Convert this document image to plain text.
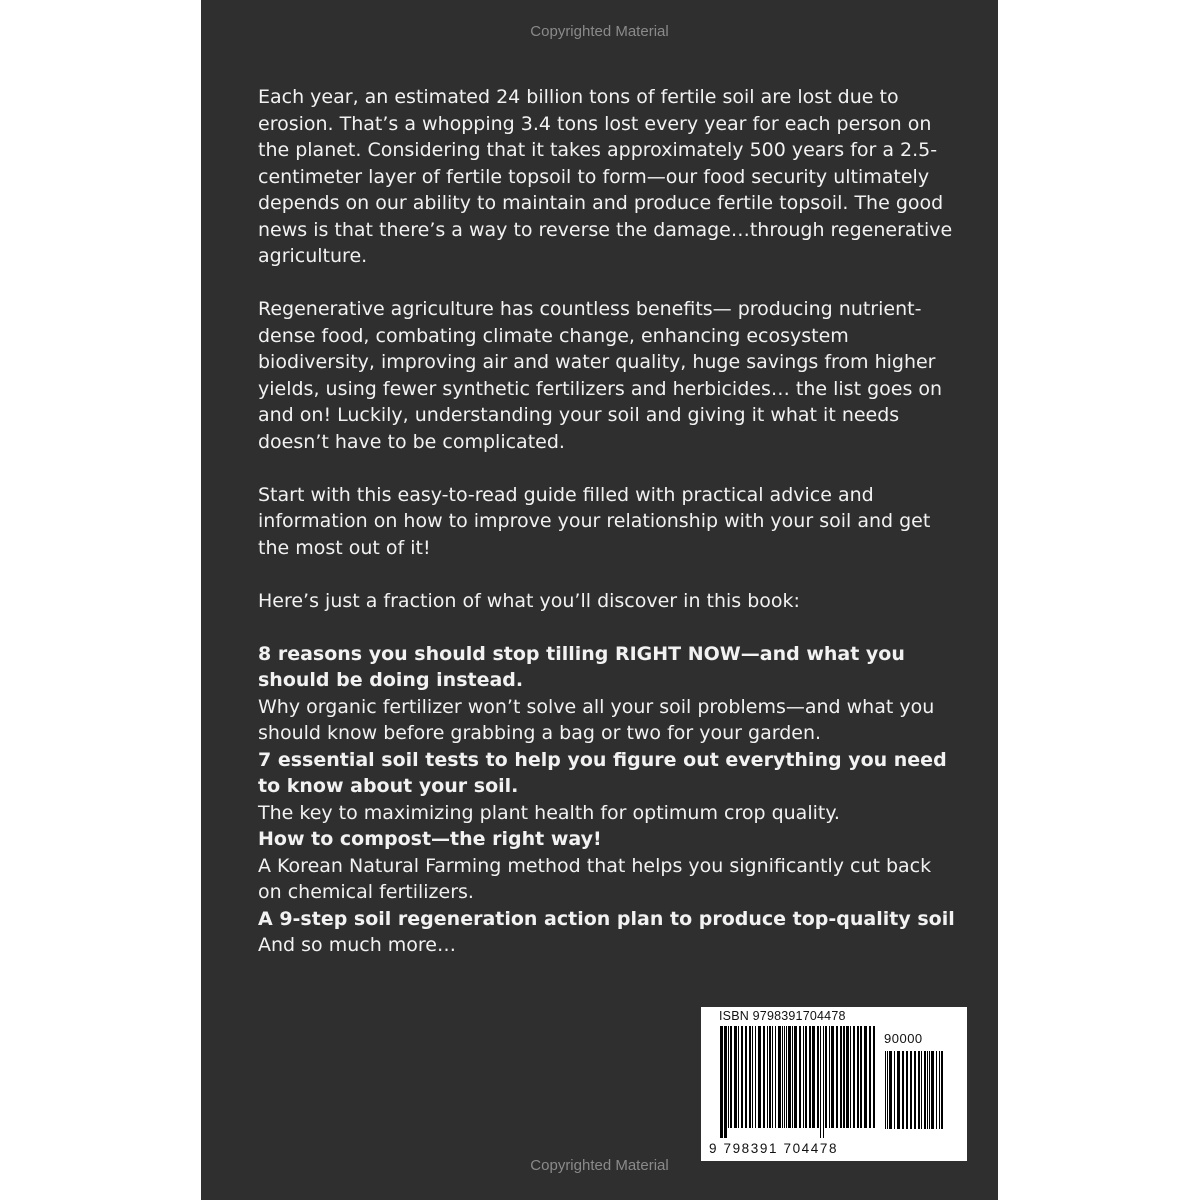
Copyrighted Material

Each year, an estimated 24 billion tons of fertile soil are lost due to erosion. That’s a whopping 3.4 tons lost every year for each person on the planet. Considering that it takes approximately 500 years for a 2.5-centimeter layer of fertile topsoil to form—our food security ultimately depends on our ability to maintain and produce fertile topsoil. The good news is that there’s a way to reverse the damage…through regenerative agriculture.

Regenerative agriculture has countless benefits— producing nutrient-dense food, combating climate change, enhancing ecosystem biodiversity, improving air and water quality, huge savings from higher yields, using fewer synthetic fertilizers and herbicides… the list goes on and on! Luckily, understanding your soil and giving it what it needs doesn’t have to be complicated.

Start with this easy-to-read guide filled with practical advice and information on how to improve your relationship with your soil and get the most out of it!

Here’s just a fraction of what you’ll discover in this book:

8 reasons you should stop tilling RIGHT NOW—and what you should be doing instead.
Why organic fertilizer won’t solve all your soil problems—and what you should know before grabbing a bag or two for your garden.
7 essential soil tests to help you figure out everything you need to know about your soil.
The key to maximizing plant health for optimum crop quality.
How to compost—the right way!
A Korean Natural Farming method that helps you significantly cut back on chemical fertilizers.
A 9-step soil regeneration action plan to produce top-quality soil
And so much more…
ISBN 9798391704478
90000
9 798391 704478
Copyrighted Material
